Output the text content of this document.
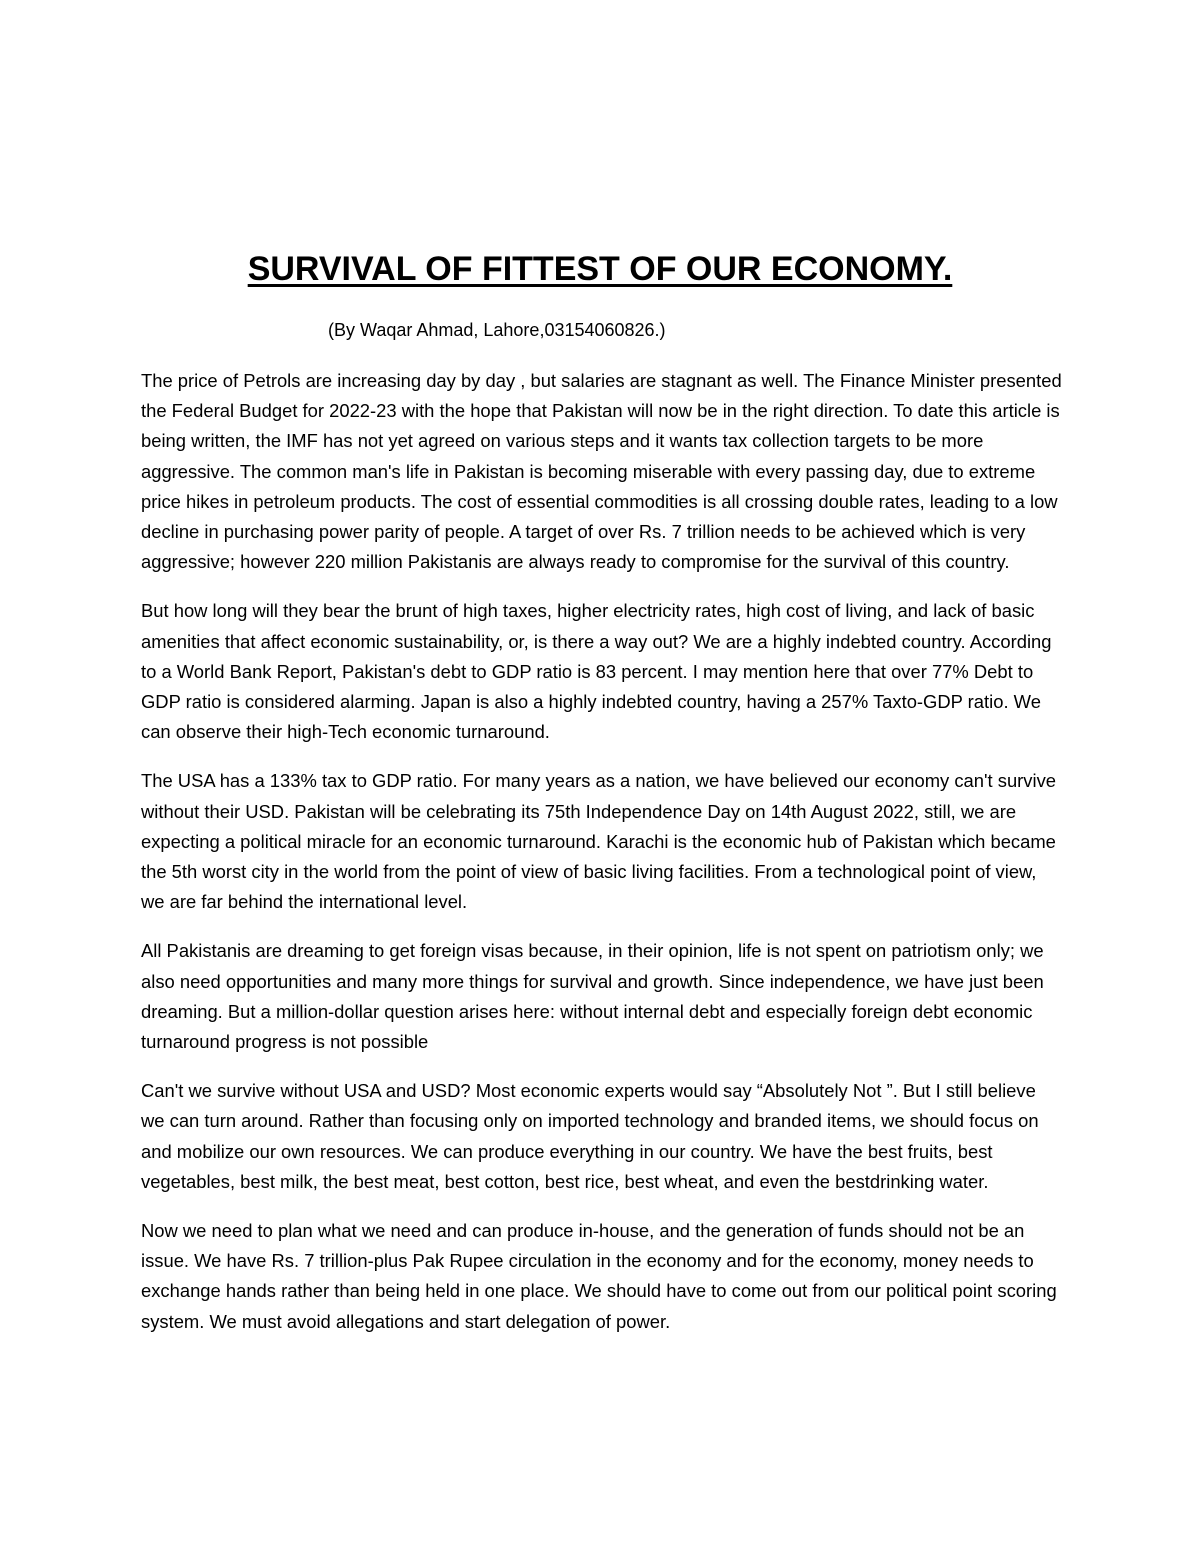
SURVIVAL OF FITTEST OF OUR ECONOMY.

(By Waqar Ahmad, Lahore,03154060826.)

The price of Petrols are increasing day by day , but salaries are stagnant as well. The Finance Minister presented the Federal Budget for 2022-23 with the hope that Pakistan will now be in the right direction. To date this article is being written, the IMF has not yet agreed on various steps and it wants tax collection targets to be more aggressive. The common man's life in Pakistan is becoming miserable with every passing day, due to extreme price hikes in petroleum products. The cost of essential commodities is all crossing double rates, leading to a low decline in purchasing power parity of people. A target of over Rs. 7 trillion needs to be achieved which is very aggressive; however 220 million Pakistanis are always ready to compromise for the survival of this country.

But how long will they bear the brunt of high taxes, higher electricity rates, high cost of living, and lack of basic amenities that affect economic sustainability, or, is there a way out? We are a highly indebted country. According to a World Bank Report, Pakistan's debt to GDP ratio is 83 percent. I may mention here that over 77% Debt to GDP ratio is considered alarming. Japan is also a highly indebted country, having a 257% Taxto-GDP ratio. We can observe their high-Tech economic turnaround.

The USA has a 133% tax to GDP ratio. For many years as a nation, we have believed our economy can't survive without their USD. Pakistan will be celebrating its 75th Independence Day on 14th August 2022, still, we are expecting a political miracle for an economic turnaround. Karachi is the economic hub of Pakistan which became the 5th worst city in the world from the point of view of basic living facilities. From a technological point of view, we are far behind the international level.

All Pakistanis are dreaming to get foreign visas because, in their opinion, life is not spent on patriotism only; we also need opportunities and many more things for survival and growth. Since independence, we have just been dreaming. But a million-dollar question arises here: without internal debt and especially foreign debt economic turnaround progress is not possible

Can't we survive without USA and USD? Most economic experts would say “Absolutely Not ”. But I still believe we can turn around. Rather than focusing only on imported technology and branded items, we should focus on and mobilize our own resources. We can produce everything in our country. We have the best fruits, best vegetables, best milk, the best meat, best cotton, best rice, best wheat, and even the bestdrinking water.

Now we need to plan what we need and can produce in-house, and the generation of funds should not be an issue. We have Rs. 7 trillion-plus Pak Rupee circulation in the economy and for the economy, money needs to exchange hands rather than being held in one place. We should have to come out from our political point scoring system. We must avoid allegations and start delegation of power.
